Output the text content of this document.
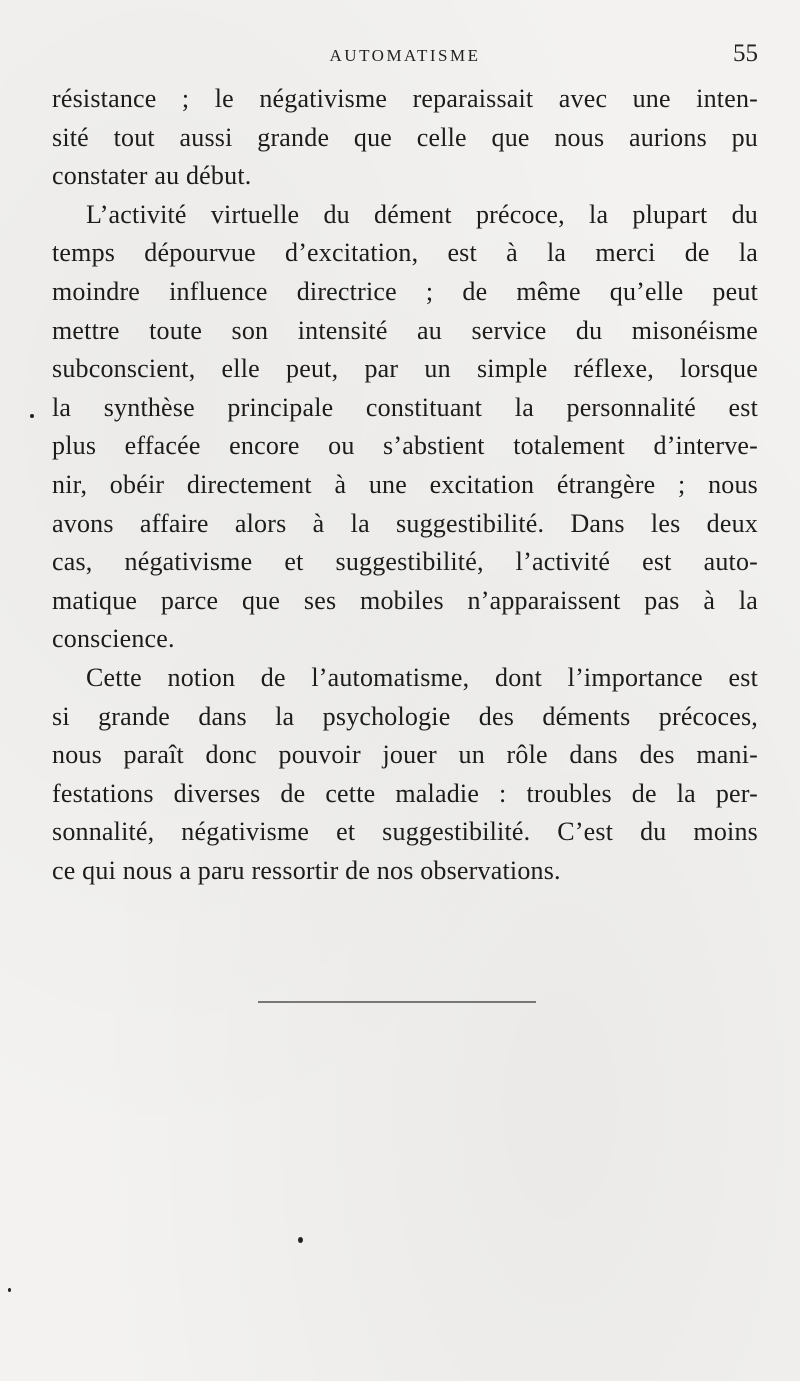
AUTOMATISME	55
résistance ; le négativisme reparaissait avec une inten-
sité tout aussi grande que celle que nous aurions pu
constater au début.
L’activité virtuelle du dément précoce, la plupart du
temps dépourvue d’excitation, est à la merci de la
moindre influence directrice ; de même qu’elle peut
mettre toute son intensité au service du misonéisme
subconscient, elle peut, par un simple réflexe, lorsque
la synthèse principale constituant la personnalité est
plus effacée encore ou s’abstient totalement d’interve-
nir, obéir directement à une excitation étrangère ; nous
avons affaire alors à la suggestibilité. Dans les deux
cas, négativisme et suggestibilité, l’activité est auto-
matique parce que ses mobiles n’apparaissent pas à la
conscience.
Cette notion de l’automatisme, dont l’importance est
si grande dans la psychologie des déments précoces,
nous paraît donc pouvoir jouer un rôle dans des mani-
festations diverses de cette maladie : troubles de la per-
sonnalité, négativisme et suggestibilité. C’est du moins
ce qui nous a paru ressortir de nos observations.
